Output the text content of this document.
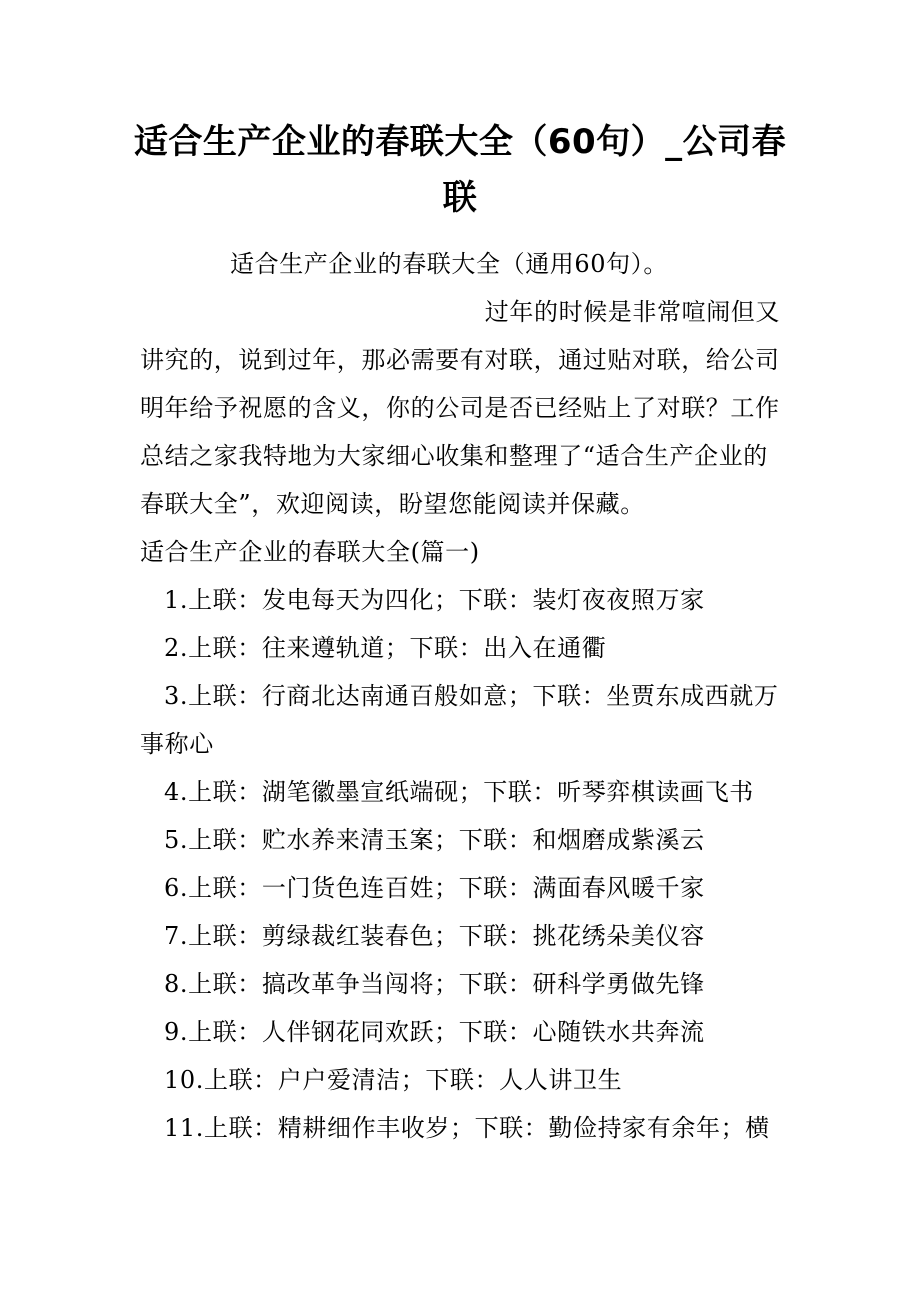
适合生产企业的春联大全（60句）_公司春联
适合生产企业的春联大全（通用60句）。
过年的时候是非常喧闹但又
讲究的，说到过年，那必需要有对联，通过贴对联，给公司
明年给予祝愿的含义，你的公司是否已经贴上了对联？工作
总结之家我特地为大家细心收集和整理了“适合生产企业的
春联大全”，欢迎阅读，盼望您能阅读并保藏。
适合生产企业的春联大全(篇一)
1.上联：发电每天为四化；下联：装灯夜夜照万家
2.上联：往来遵轨道；下联：出入在通衢
3.上联：行商北达南通百般如意；下联：坐贾东成西就万
事称心
4.上联：湖笔徽墨宣纸端砚；下联：听琴弈棋读画飞书
5.上联：贮水养来清玉案；下联：和烟磨成紫溪云
6.上联：一门货色连百姓；下联：满面春风暖千家
7.上联：剪绿裁红装春色；下联：挑花绣朵美仪容
8.上联：搞改革争当闯将；下联：研科学勇做先锋
9.上联：人伴钢花同欢跃；下联：心随铁水共奔流
10.上联：户户爱清洁；下联：人人讲卫生
11.上联：精耕细作丰收岁；下联：勤俭持家有余年；横
